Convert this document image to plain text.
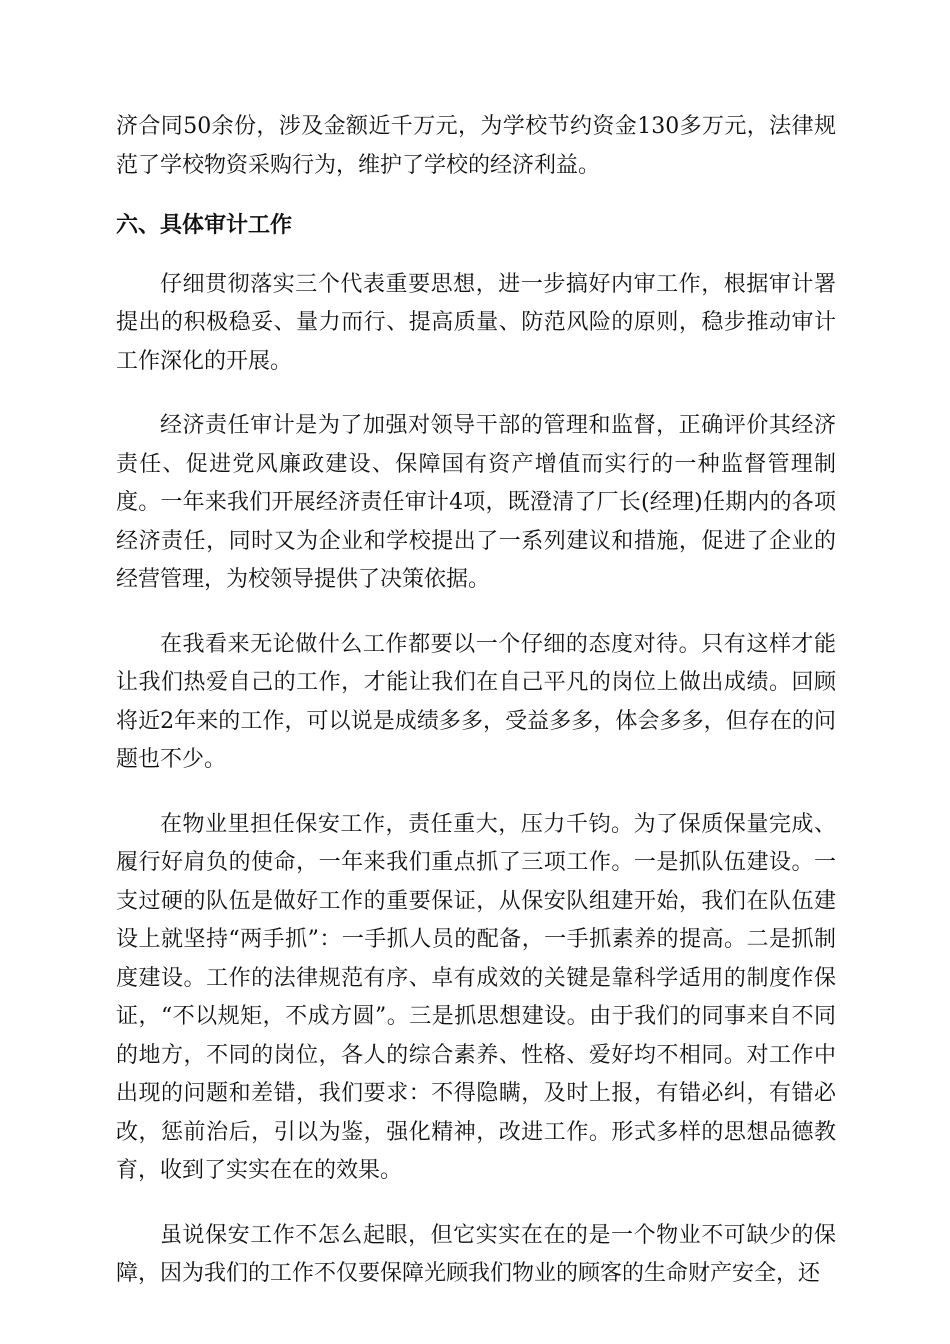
济合同50余份，涉及金额近千万元，为学校节约资金130多万元，法律规范了学校物资采购行为，维护了学校的经济利益。

六、具体审计工作

仔细贯彻落实三个代表重要思想，进一步搞好内审工作，根据审计署提出的积极稳妥、量力而行、提高质量、防范风险的原则，稳步推动审计工作深化的开展。

经济责任审计是为了加强对领导干部的管理和监督，正确评价其经济责任、促进党风廉政建设、保障国有资产增值而实行的一种监督管理制度。一年来我们开展经济责任审计4项，既澄清了厂长(经理)任期内的各项经济责任，同时又为企业和学校提出了一系列建议和措施，促进了企业的经营管理，为校领导提供了决策依据。

在我看来无论做什么工作都要以一个仔细的态度对待。只有这样才能让我们热爱自己的工作，才能让我们在自己平凡的岗位上做出成绩。回顾将近2年来的工作，可以说是成绩多多，受益多多，体会多多，但存在的问题也不少。

在物业里担任保安工作，责任重大，压力千钧。为了保质保量完成、履行好肩负的使命，一年来我们重点抓了三项工作。一是抓队伍建设。一支过硬的队伍是做好工作的重要保证，从保安队组建开始，我们在队伍建设上就坚持“两手抓”：一手抓人员的配备，一手抓素养的提高。二是抓制度建设。工作的法律规范有序、卓有成效的关键是靠科学适用的制度作保证，“不以规矩，不成方圆”。三是抓思想建设。由于我们的同事来自不同的地方，不同的岗位，各人的综合素养、性格、爱好均不相同。对工作中出现的问题和差错，我们要求：不得隐瞒，及时上报，有错必纠，有错必改，惩前治后，引以为鉴，强化精神，改进工作。形式多样的思想品德教育，收到了实实在在的效果。

虽说保安工作不怎么起眼，但它实实在在的是一个物业不可缺少的保障，因为我们的工作不仅要保障光顾我们物业的顾客的生命财产安全，还
